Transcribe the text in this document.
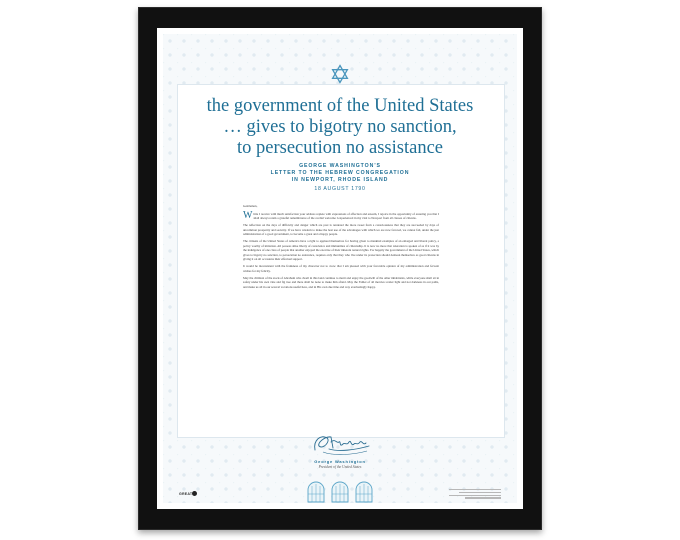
the government of the United States

… gives to bigotry no sanction,

to persecution no assistance

GEORGE WASHINGTON’S
LETTER TO THE HEBREW CONGREGATION
IN NEWPORT, RHODE ISLAND
18 AUGUST 1790

Gentlemen,

While I receive with much satisfaction your address replete with expressions of affection and esteem, I rejoice in the opportunity of assuring you that I shall always retain a grateful remembrance of the cordial welcome I experienced in my visit to Newport from all classes of citizens.

The reflection on the days of difficulty and danger which are past is rendered the more sweet from a consciousness that they are succeeded by days of uncommon prosperity and security. If we have wisdom to make the best use of the advantages with which we are now favored, we cannot fail, under the just administration of a good government, to become a great and a happy people.

The citizens of the United States of America have a right to applaud themselves for having given to mankind examples of an enlarged and liberal policy, a policy worthy of imitation. All possess alike liberty of conscience and immunities of citizenship. It is now no more that toleration is spoken of as if it was by the indulgence of one class of people that another enjoyed the exercise of their inherent natural rights. For happily the government of the United States, which gives to bigotry no sanction, to persecution no assistance, requires only that they who live under its protection should demean themselves as good citizens in giving it on all occasions their effectual support.

It would be inconsistent with the frankness of my character not to avow that I am pleased with your favorable opinion of my administration and fervent wishes for my felicity.

May the children of the stock of Abraham who dwell in this land continue to merit and enjoy the goodwill of the other inhabitants, while everyone shall sit in safety under his own vine and fig tree and there shall be none to make him afraid. May the Father of all mercies scatter light and not darkness in our paths, and make us all in our several vocations useful here, and in His own due time and way everlastingly happy.

George Washington
President of the United States
GREAT
